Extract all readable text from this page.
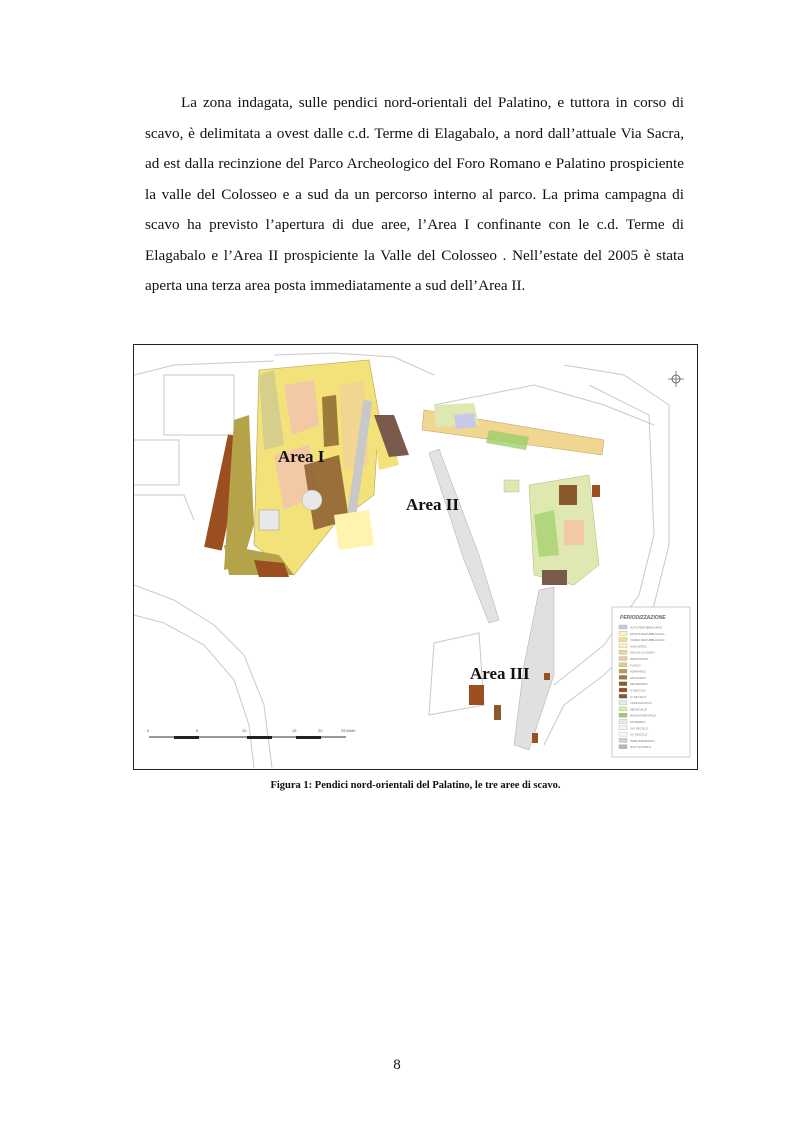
La zona indagata, sulle pendici nord-orientali del Palatino, e tuttora in corso di scavo, è delimitata a ovest dalle c.d. Terme di Elagabalo, a nord dall’attuale Via Sacra, ad est dalla recinzione del Parco Archeologico del Foro Romano e Palatino prospiciente la valle del Colosseo e a sud da un percorso interno al parco. La prima campagna di scavo ha previsto l’apertura di due aree, l’Area I confinante con le c.d. Terme di Elagabalo e l’Area II prospiciente la Valle del Colosseo . Nell’estate del 2005 è stata aperta una terza area posta immediatamente a sud dell’Area II.

Area I
Area II
Area III
0	5	10	15	20	25 Metri
PERIODIZZAZIONE
ALTO REPUBBLICANO
EPOCA REPUBBLICANA
TARDO REPUBBLICANO
AUGUSTEO
GIULIO-CLAUDIO
NERONIANO
FLAVIO
ADRIANEO
ANTONINO
SEVERIANO
III SECOLO
IV SECOLO
TARDOANTICO
MEDIEVALE
RINASCIMENTALE
MODERNO
XIX SECOLO
XX SECOLO
INDETERMINATO
NON SCAVATO
Figura 1: Pendici nord-orientali del Palatino, le tre aree di scavo.
8
